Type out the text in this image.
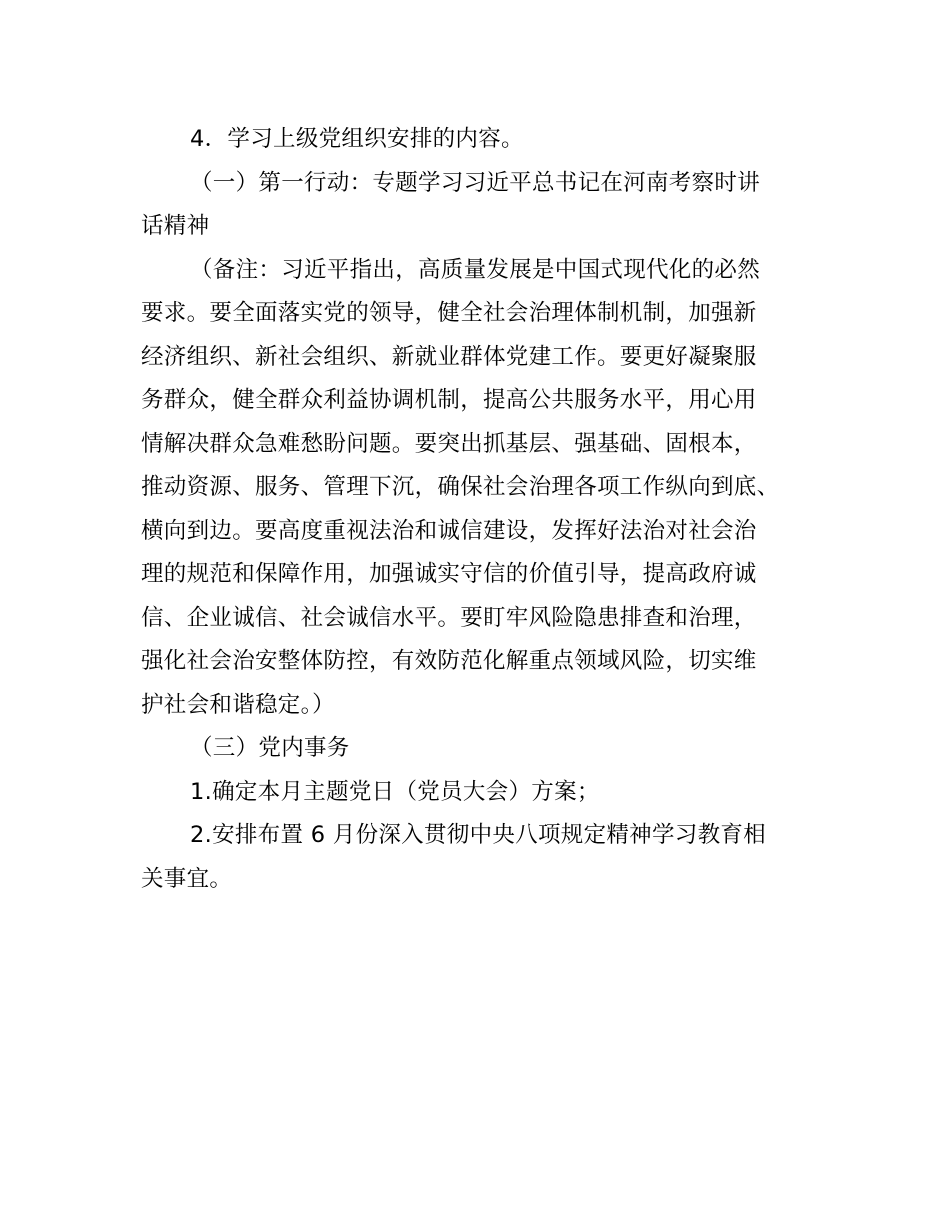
4．学习上级党组织安排的内容。

（一）第一行动：专题学习习近平总书记在河南考察时讲
话精神

（备注：习近平指出，高质量发展是中国式现代化的必然
要求。要全面落实党的领导，健全社会治理体制机制，加强新
经济组织、新社会组织、新就业群体党建工作。要更好凝聚服
务群众，健全群众利益协调机制，提高公共服务水平，用心用
情解决群众急难愁盼问题。要突出抓基层、强基础、固根本，
推动资源、服务、管理下沉，确保社会治理各项工作纵向到底、
横向到边。要高度重视法治和诚信建设，发挥好法治对社会治
理的规范和保障作用，加强诚实守信的价值引导，提高政府诚
信、企业诚信、社会诚信水平。要盯牢风险隐患排查和治理，
强化社会治安整体防控，有效防范化解重点领域风险，切实维
护社会和谐稳定。）

（三）党内事务

1.确定本月主题党日（党员大会）方案；

2.安排布置 6 月份深入贯彻中央八项规定精神学习教育相
关事宜。
